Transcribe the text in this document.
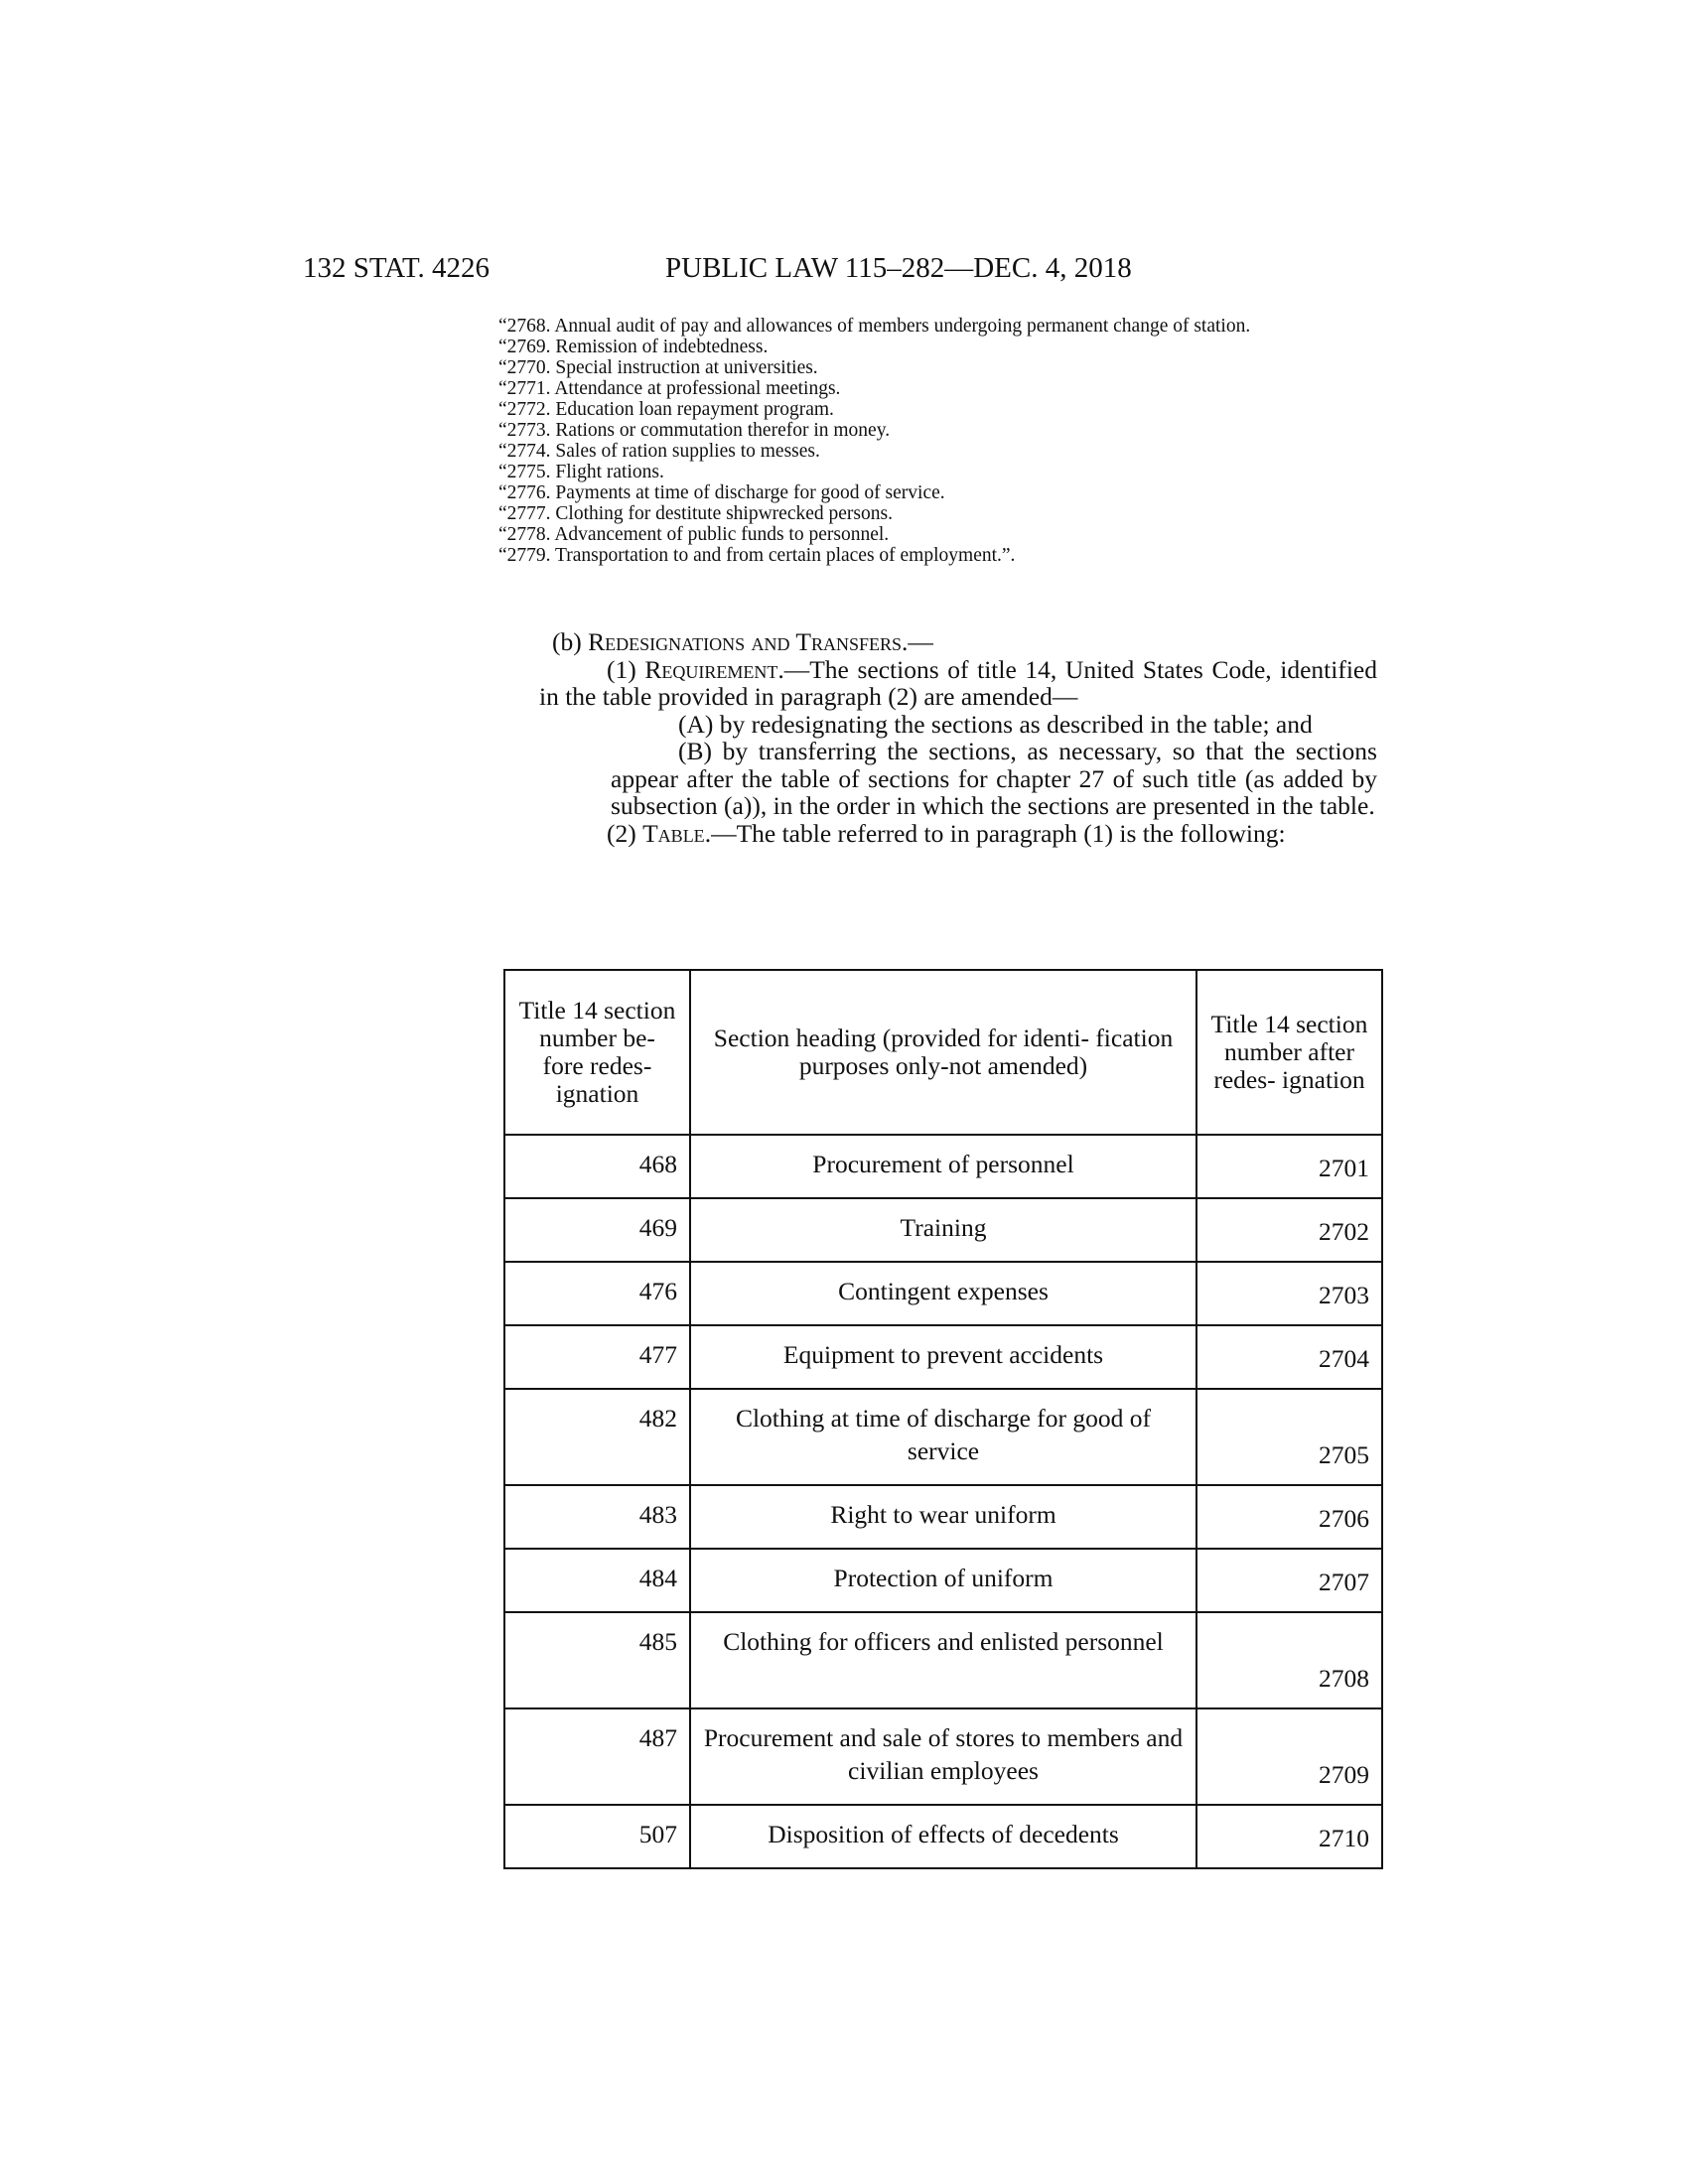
132 STAT. 4226	PUBLIC LAW 115–282—DEC. 4, 2018

“2768. Annual audit of pay and allowances of members undergoing permanent change of station.

“2769. Remission of indebtedness.

“2770. Special instruction at universities.

“2771. Attendance at professional meetings.

“2772. Education loan repayment program.

“2773. Rations or commutation therefor in money.

“2774. Sales of ration supplies to messes.

“2775. Flight rations.

“2776. Payments at time of discharge for good of service.

“2777. Clothing for destitute shipwrecked persons.

“2778. Advancement of public funds to personnel.

“2779. Transportation to and from certain places of employment.”.

(b) Redesignations and Transfers.—

(1) Requirement.—The sections of title 14, United States Code, identified in the table provided in paragraph (2) are amended—

(A) by redesignating the sections as described in the table; and

(B) by transferring the sections, as necessary, so that the sections appear after the table of sections for chapter 27 of such title (as added by subsection (a)), in the order in which the sections are presented in the table.

(2) Table.—The table referred to in paragraph (1) is the following:

Title 14 section number be- fore redes- ignation	Section heading (provided for identi- fication purposes only-not amended)	Title 14 section number after redes- ignation
468	Procurement of personnel	2701
469	Training	2702
476	Contingent expenses	2703
477	Equipment to prevent accidents	2704
482	Clothing at time of discharge for good of service	2705
483	Right to wear uniform	2706
484	Protection of uniform	2707
485	Clothing for officers and enlisted personnel	2708
487	Procurement and sale of stores to members and civilian employees	2709
507	Disposition of effects of decedents	2710
